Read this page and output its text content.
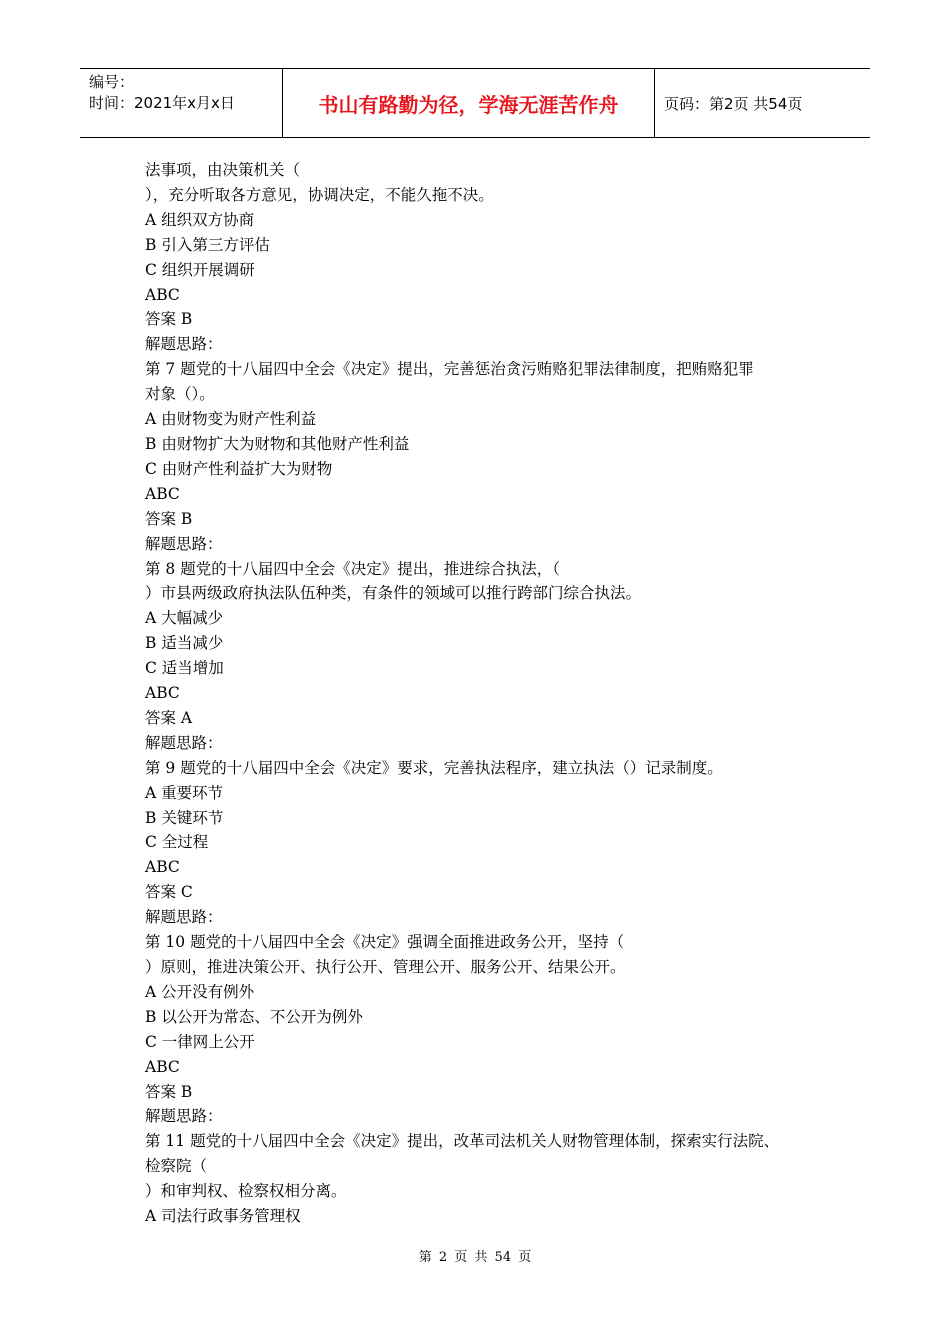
编号：
时间：2021年x月x日	书山有路勤为径，学海无涯苦作舟	页码：第2页 共54页
法事项，由决策机关（
），充分听取各方意见，协调决定，不能久拖不决。
A 组织双方协商
B 引入第三方评估
C 组织开展调研
ABC
答案 B
解题思路：
第 7 题党的十八届四中全会《决定》提出，完善惩治贪污贿赂犯罪法律制度，把贿赂犯罪
对象（）。
A 由财物变为财产性利益
B 由财物扩大为财物和其他财产性利益
C 由财产性利益扩大为财物
ABC
答案 B
解题思路：
第 8 题党的十八届四中全会《决定》提出，推进综合执法，（
）市县两级政府执法队伍种类，有条件的领域可以推行跨部门综合执法。
A 大幅减少
B 适当减少
C 适当增加
ABC
答案 A
解题思路：
第 9 题党的十八届四中全会《决定》要求，完善执法程序，建立执法（）记录制度。
A 重要环节
B 关键环节
C 全过程
ABC
答案 C
解题思路：
第 10 题党的十八届四中全会《决定》强调全面推进政务公开，坚持（
）原则，推进决策公开、执行公开、管理公开、服务公开、结果公开。
A 公开没有例外
B 以公开为常态、不公开为例外
C 一律网上公开
ABC
答案 B
解题思路：
第 11 题党的十八届四中全会《决定》提出，改革司法机关人财物管理体制，探索实行法院、
检察院（
）和审判权、检察权相分离。
A 司法行政事务管理权
第 2 页 共 54 页
